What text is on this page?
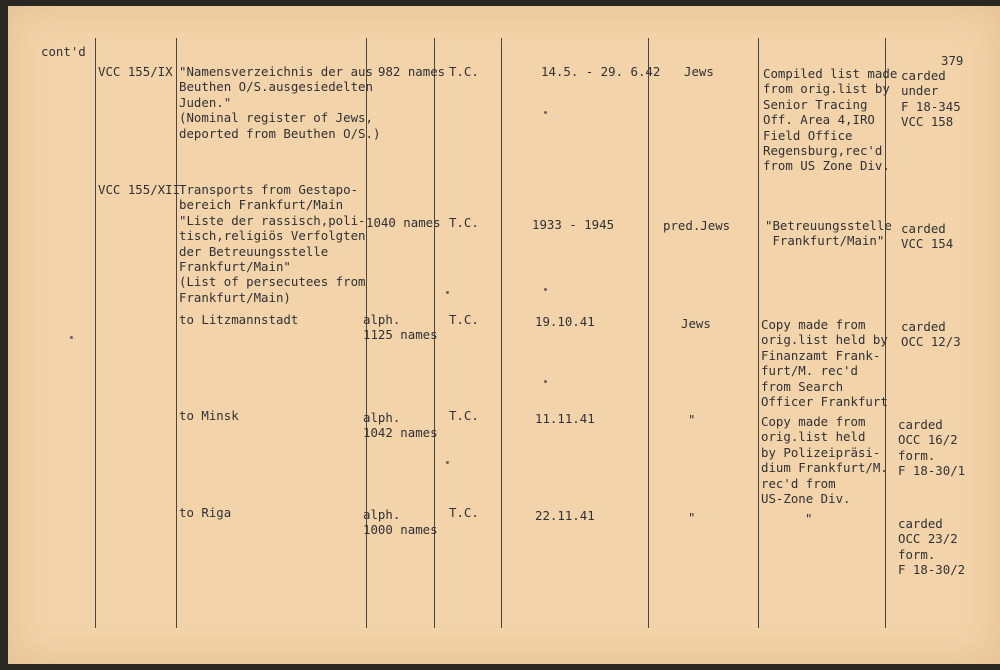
cont'd
379
VCC 155/IX "Namensverzeichnis der aus
Beuthen O/S.ausgesiedelten
Juden."
(Nominal register of Jews,
deported from Beuthen O/S.)
982 names T.C.	14.5. - 29. 6.42 Jews	Compiled list made
from orig.list by
Senior Tracing
Off. Area 4,IRO
Field Office
Regensburg,rec'd
from US Zone Div.
carded
under
F 18-345
VCC 158
VCC 155/XII
Transports from Gestapo-
bereich Frankfurt/Main
"Liste der rassisch,poli-
tisch,religiös Verfolgten
der Betreuungsstelle
Frankfurt/Main"
(List of persecutees from
Frankfurt/Main)
1040 names T.C.	1933 - 1945	pred.Jews	"Betreuungsstelle
Frankfurt/Main"
carded
VCC 154
to Litzmannstadt	alph.
1125 names
T.C.	19.10.41	Jews	Copy made from
orig.list held by
Finanzamt Frank-
furt/M. rec'd
from Search
Officer Frankfurt
carded
OCC 12/3
to Minsk	alph.
1042 names
T.C.	11.11.41	"	Copy made from
orig.list held
by Polizeipräsi-
dium Frankfurt/M.
rec'd from
US-Zone Div.
carded
OCC 16/2
form.
F 18-30/1
to Riga	alph.
1000 names
T.C.	22.11.41	"	"	carded
OCC 23/2
form.
F 18-30/2
